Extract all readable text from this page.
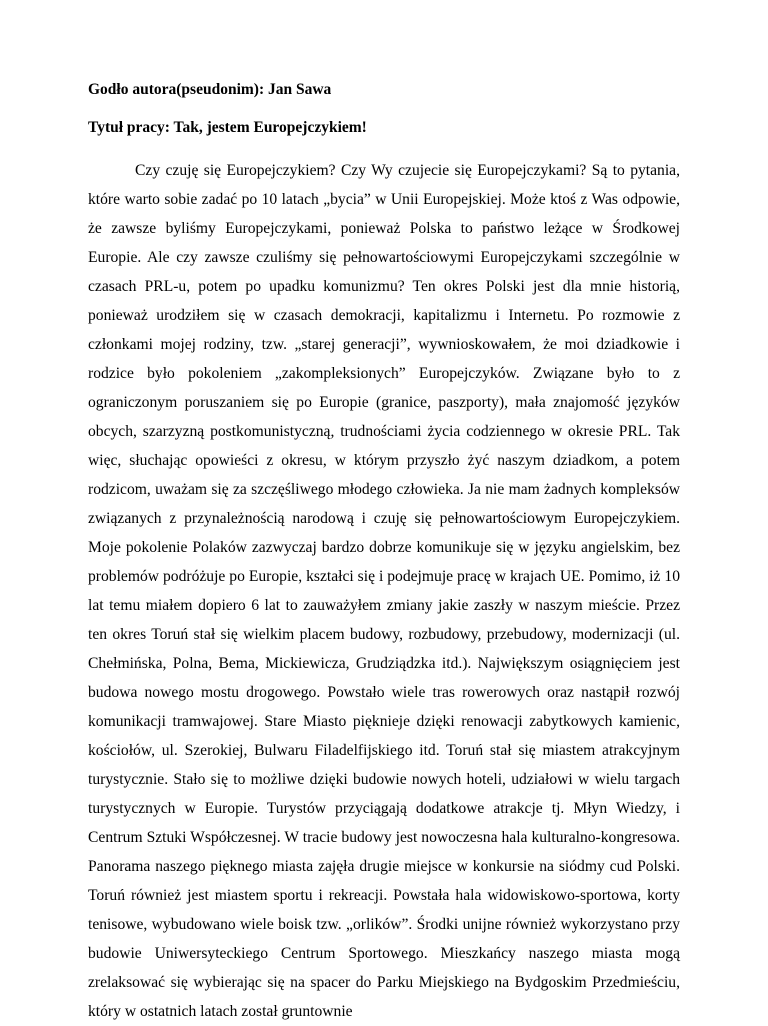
Godło autora(pseudonim): Jan Sawa

Tytuł pracy: Tak, jestem Europejczykiem!

Czy czuję się Europejczykiem? Czy Wy czujecie się Europejczykami? Są to pytania, które warto sobie zadać po 10 latach „bycia” w Unii Europejskiej. Może ktoś z Was odpowie, że zawsze byliśmy Europejczykami, ponieważ Polska to państwo leżące w Środkowej Europie. Ale czy zawsze czuliśmy się pełnowartościowymi Europejczykami szczególnie w czasach PRL-u, potem po upadku komunizmu? Ten okres Polski jest dla mnie historią, ponieważ urodziłem się w czasach demokracji, kapitalizmu i Internetu. Po rozmowie z członkami mojej rodziny, tzw. „starej generacji”, wywnioskowałem, że moi dziadkowie i rodzice było pokoleniem „zakompleksionych” Europejczyków. Związane było to z ograniczonym poruszaniem się po Europie (granice, paszporty), mała znajomość języków obcych, szarzyzną postkomunistyczną, trudnościami życia codziennego w okresie PRL. Tak więc, słuchając opowieści z okresu, w którym przyszło żyć naszym dziadkom, a potem rodzicom, uważam się za szczęśliwego młodego człowieka. Ja nie mam żadnych kompleksów związanych z przynależnością narodową i czuję się pełnowartościowym Europejczykiem. Moje pokolenie Polaków zazwyczaj bardzo dobrze komunikuje się w języku angielskim, bez problemów podróżuje po Europie, kształci się i podejmuje pracę w krajach UE. Pomimo, iż 10 lat temu miałem dopiero 6 lat to zauważyłem zmiany jakie zaszły w naszym mieście. Przez ten okres Toruń stał się wielkim placem budowy, rozbudowy, przebudowy, modernizacji (ul. Chełmińska, Polna, Bema, Mickiewicza, Grudziądzka itd.). Największym osiągnięciem jest budowa nowego mostu drogowego. Powstało wiele tras rowerowych oraz nastąpił rozwój komunikacji tramwajowej. Stare Miasto pięknieje dzięki renowacji zabytkowych kamienic, kościołów, ul. Szerokiej, Bulwaru Filadelfijskiego itd. Toruń stał się miastem atrakcyjnym turystycznie. Stało się to możliwe dzięki budowie nowych hoteli, udziałowi w wielu targach turystycznych w Europie. Turystów przyciągają dodatkowe atrakcje tj. Młyn Wiedzy, i Centrum Sztuki Współczesnej. W tracie budowy jest nowoczesna hala kulturalno-kongresowa. Panorama naszego pięknego miasta zajęła drugie miejsce w konkursie na siódmy cud Polski. Toruń również jest miastem sportu i rekreacji. Powstała hala widowiskowo-sportowa, korty tenisowe, wybudowano wiele boisk tzw. „orlików”. Środki unijne również wykorzystano przy budowie Uniwersyteckiego Centrum Sportowego. Mieszkańcy naszego miasta mogą zrelaksować się wybierając się na spacer do Parku Miejskiego na Bydgoskim Przedmieściu, który w ostatnich latach został gruntownie
